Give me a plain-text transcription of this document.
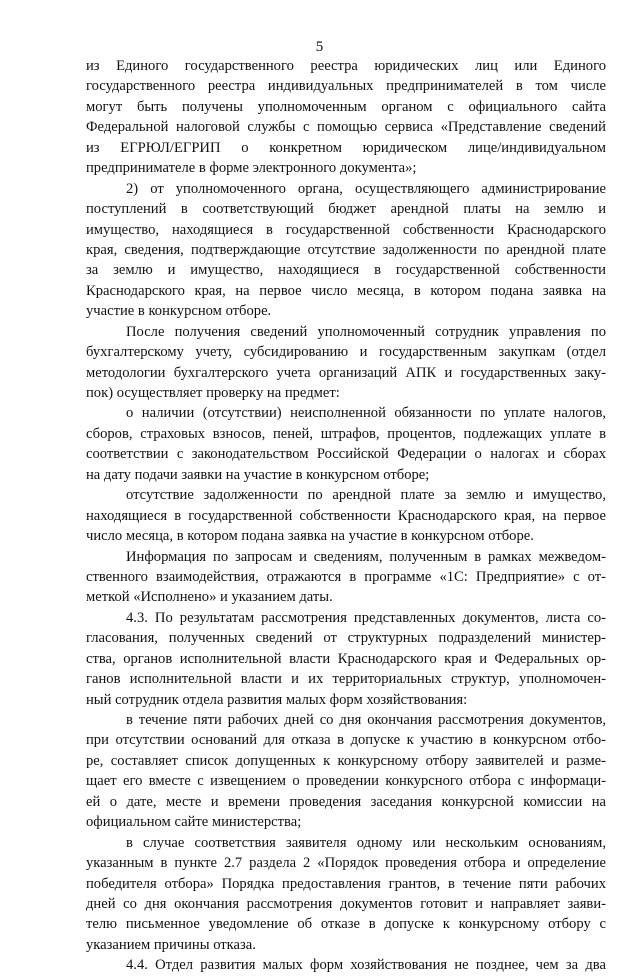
5
из Единого государственного реестра юридических лиц или Единого
государственного реестра индивидуальных предпринимателей в том числе
могут быть получены уполномоченным органом с официального сайта
Федеральной налоговой службы с помощью сервиса «Представление сведений
из ЕГРЮЛ/ЕГРИП о конкретном юридическом лице/индивидуальном
предпринимателе в форме электронного документа»;
2) от уполномоченного органа, осуществляющего администрирование
поступлений в соответствующий бюджет арендной платы на землю и
имущество, находящиеся в государственной собственности Краснодарского
края, сведения, подтверждающие отсутствие задолженности по арендной плате
за землю и имущество, находящиеся в государственной собственности
Краснодарского края, на первое число месяца, в котором подана заявка на
участие в конкурсном отборе.
После получения сведений уполномоченный сотрудник управления по
бухгалтерскому учету, субсидированию и государственным закупкам (отдел
методологии бухгалтерского учета организаций АПК и государственных заку-
пок) осуществляет проверку на предмет:
о наличии (отсутствии) неисполненной обязанности по уплате налогов,
сборов, страховых взносов, пеней, штрафов, процентов, подлежащих уплате в
соответствии с законодательством Российской Федерации о налогах и сборах
на дату подачи заявки на участие в конкурсном отборе;
отсутствие задолженности по арендной плате за землю и имущество,
находящиеся в государственной собственности Краснодарского края, на первое
число месяца, в котором подана заявка на участие в конкурсном отборе.
Информация по запросам и сведениям, полученным в рамках межведом-
ственного взаимодействия, отражаются в программе «1С: Предприятие» с от-
меткой «Исполнено» и указанием даты.
4.3. По результатам рассмотрения представленных документов, листа со-
гласования, полученных сведений от структурных подразделений министер-
ства, органов исполнительной власти Краснодарского края и Федеральных ор-
ганов исполнительной власти и их территориальных структур, уполномочен-
ный сотрудник отдела развития малых форм хозяйствования:
в течение пяти рабочих дней со дня окончания рассмотрения документов,
при отсутствии оснований для отказа в допуске к участию в конкурсном отбо-
ре, составляет список допущенных к конкурсному отбору заявителей и разме-
щает его вместе с извещением о проведении конкурсного отбора с информаци-
ей о дате, месте и времени проведения заседания конкурсной комиссии на
официальном сайте министерства;
в случае соответствия заявителя одному или нескольким основаниям,
указанным в пункте 2.7 раздела 2 «Порядок проведения отбора и определение
победителя отбора» Порядка предоставления грантов, в течение пяти рабочих
дней со дня окончания рассмотрения документов готовит и направляет заяви-
телю письменное уведомление об отказе в допуске к конкурсному отбору с
указанием причины отказа.
4.4. Отдел развития малых форм хозяйствования не позднее, чем за два
